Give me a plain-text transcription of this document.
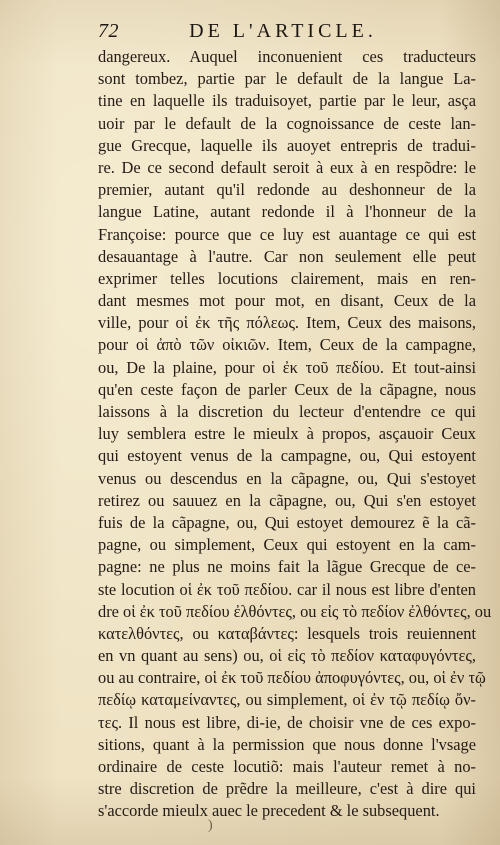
72	DE L'ARTICLE.
dangereux. Auquel inconuenient ces traducteurs
sont tombez, partie par le default de la langue La-
tine en laquelle ils traduisoyet, partie par le leur, asça
uoir par le default de la cognoissance de ceste lan-
gue Grecque, laquelle ils auoyet entrepris de tradui-
re. De ce second default seroit à eux à en respõdre: le
premier, autant qu'il redonde au deshonneur de la
langue Latine, autant redonde il à l'honneur de la
Françoise: pource que ce luy est auantage ce qui est
desauantage à l'autre. Car non seulement elle peut
exprimer telles locutions clairement, mais en ren-
dant mesmes mot pour mot, en disant, Ceux de la
ville, pour οἱ ἐκ τῆς πόλεως. Item, Ceux des maisons,
pour οἱ ἀπὸ τῶν οἰκιῶν. Item, Ceux de la campagne,
ou, De la plaine, pour οἱ ἐκ τοῦ πεδίου. Et tout-ainsi
qu'en ceste façon de parler Ceux de la cãpagne, nous
laissons à la discretion du lecteur d'entendre ce qui
luy semblera estre le mieulx à propos, asçauoir Ceux
qui estoyent venus de la campagne, ou, Qui estoyent
venus ou descendus en la cãpagne, ou, Qui s'estoyet
retirez ou sauuez en la cãpagne, ou, Qui s'en estoyet
fuis de la cãpagne, ou, Qui estoyet demourez ẽ la cã-
pagne, ou simplement, Ceux qui estoyent en la cam-
pagne: ne plus ne moins fait la lãgue Grecque de ce-
ste locution οἱ ἐκ τοῦ πεδίου. car il nous est libre d'enten
dre οἱ ἐκ τοῦ πεδίου ἐλθόντες, ou εἰς τὸ πεδίον ἐλθόντες, ou
κατελθόντες, ou καταβάντες: lesquels trois reuiennent
en vn quant au sens) ou, οἱ εἰς τὸ πεδίον καταφυγόντες,
ou au contraire, οἱ ἐκ τοῦ πεδίου ἀποφυγόντες, ou, οἱ ἐν τῷ
πεδίῳ καταμείναντες, ou simplement, οἱ ἐν τῷ πεδίῳ ὄν-
τες. Il nous est libre, di-ie, de choisir vne de ces expo-
sitions, quant à la permission que nous donne l'vsage
ordinaire de ceste locutiõ: mais l'auteur remet à no-
stre discretion de prẽdre la meilleure, c'est à dire qui
s'accorde mieulx auec le precedent & le subsequent.
)
